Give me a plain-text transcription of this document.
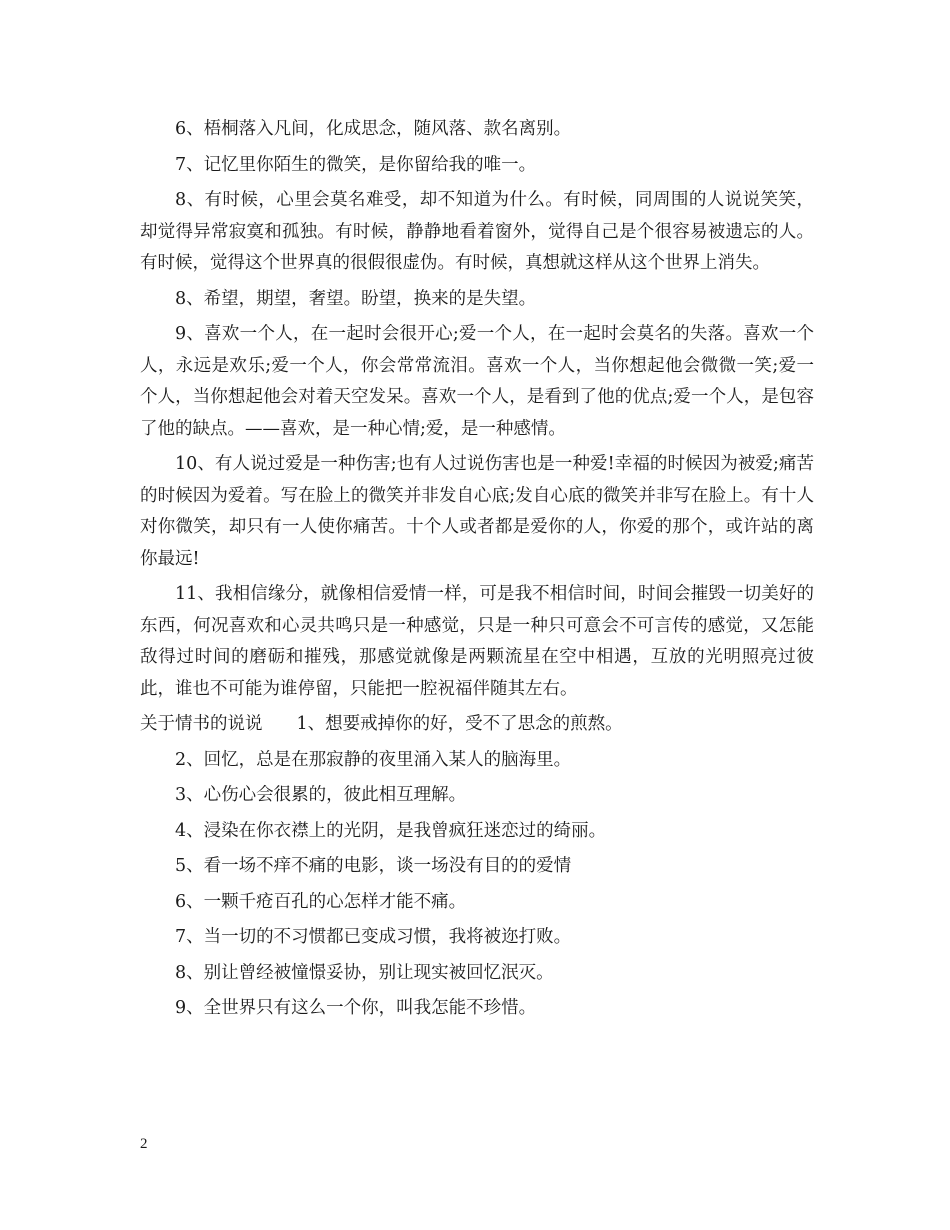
6、梧桐落入凡间，化成思念，随风落、款名离别。

7、记忆里你陌生的微笑，是你留给我的唯一。

8、有时候，心里会莫名难受，却不知道为什么。有时候，同周围的人说说笑笑，却觉得异常寂寞和孤独。有时候，静静地看着窗外，觉得自己是个很容易被遗忘的人。有时候，觉得这个世界真的很假很虚伪。有时候，真想就这样从这个世界上消失。

8、希望，期望，奢望。盼望，换来的是失望。

9、喜欢一个人，在一起时会很开心;爱一个人，在一起时会莫名的失落。喜欢一个人，永远是欢乐;爱一个人，你会常常流泪。喜欢一个人，当你想起他会微微一笑;爱一个人，当你想起他会对着天空发呆。喜欢一个人，是看到了他的优点;爱一个人，是包容了他的缺点。——喜欢，是一种心情;爱，是一种感情。

10、有人说过爱是一种伤害;也有人过说伤害也是一种爱!幸福的时候因为被爱;痛苦的时候因为爱着。写在脸上的微笑并非发自心底;发自心底的微笑并非写在脸上。有十人对你微笑，却只有一人使你痛苦。十个人或者都是爱你的人，你爱的那个，或许站的离你最远!

11、我相信缘分，就像相信爱情一样，可是我不相信时间，时间会摧毁一切美好的东西，何况喜欢和心灵共鸣只是一种感觉，只是一种只可意会不可言传的感觉，又怎能敌得过时间的磨砺和摧残，那感觉就像是两颗流星在空中相遇，互放的光明照亮过彼此，谁也不可能为谁停留，只能把一腔祝福伴随其左右。

关于情书的说说 1、想要戒掉你的好，受不了思念的煎熬。

2、回忆，总是在那寂静的夜里涌入某人的脑海里。

3、心伤心会很累的，彼此相互理解。

4、浸染在你衣襟上的光阴，是我曾疯狂迷恋过的绮丽。

5、看一场不痒不痛的电影，谈一场没有目的的爱情

6、一颗千疮百孔的心怎样才能不痛。

7、当一切的不习惯都已变成习惯，我将被迩打败。

8、别让曾经被憧憬妥协，别让现实被回忆泯灭。

9、全世界只有这么一个你，叫我怎能不珍惜。

2
